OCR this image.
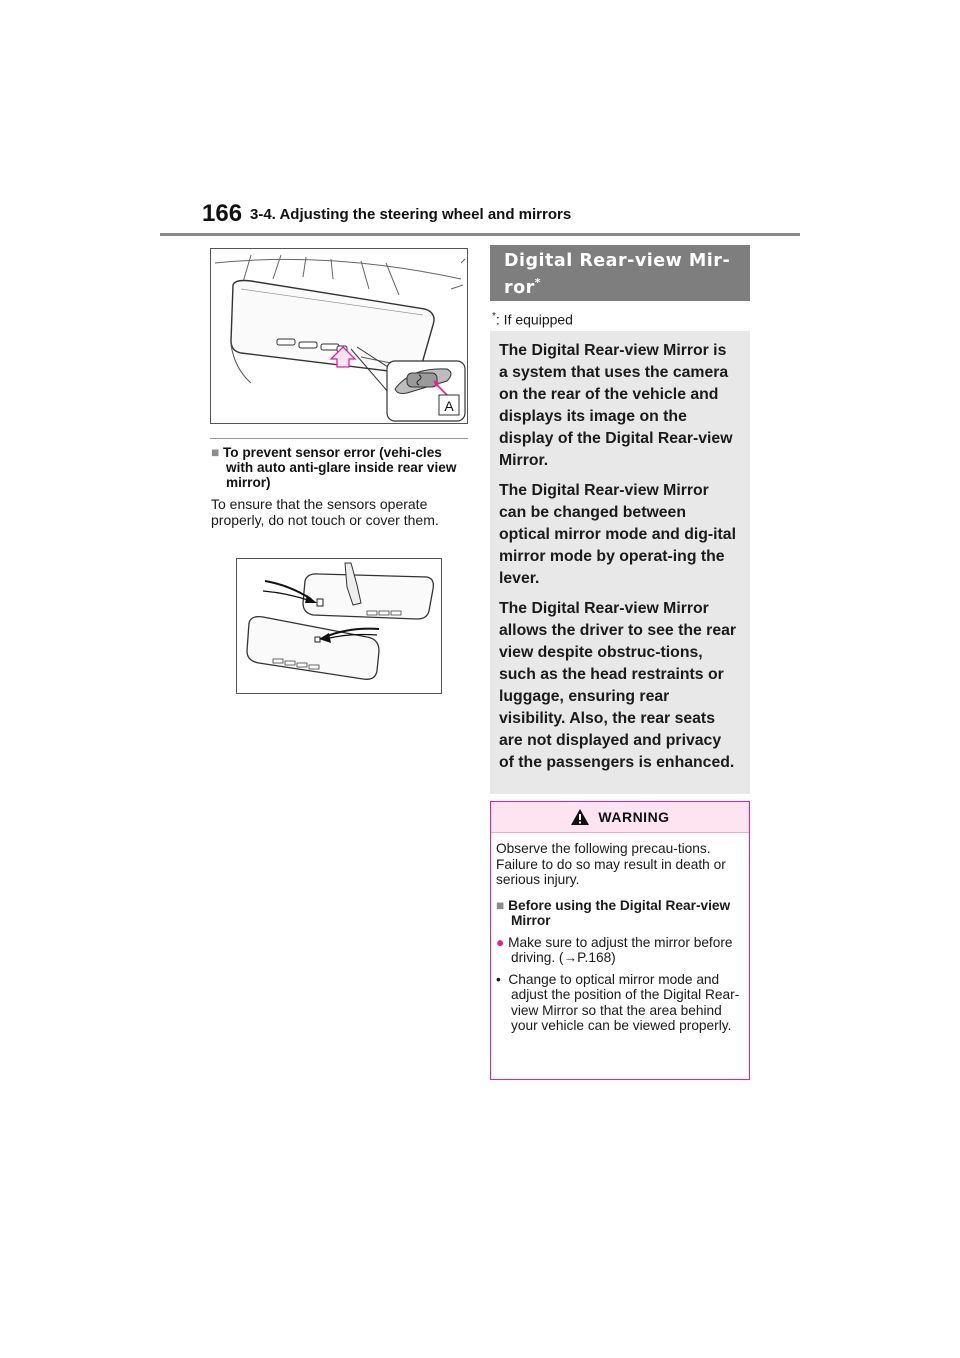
166 3-4. Adjusting the steering wheel and mirrors
A
■ To prevent sensor error (vehi-cles with auto anti-glare inside rear view mirror)
To ensure that the sensors operate properly, do not touch or cover them.
Digital Rear-view Mir-ror*
*: If equipped

The Digital Rear-view Mirror is a system that uses the camera on the rear of the vehicle and displays its image on the display of the Digital Rear-view Mirror.

The Digital Rear-view Mirror can be changed between optical mirror mode and dig-ital mirror mode by operat-ing the lever.

The Digital Rear-view Mirror allows the driver to see the rear view despite obstruc-tions, such as the head restraints or luggage, ensuring rear visibility. Also, the rear seats are not displayed and privacy of the passengers is enhanced.

WARNING
Observe the following precau-tions.
Failure to do so may result in death or serious injury.
■ Before using the Digital Rear-view Mirror
● Make sure to adjust the mirror before driving. (→P.168)
• Change to optical mirror mode and adjust the position of the Digital Rear-view Mirror so that the area behind your vehicle can be viewed properly.
